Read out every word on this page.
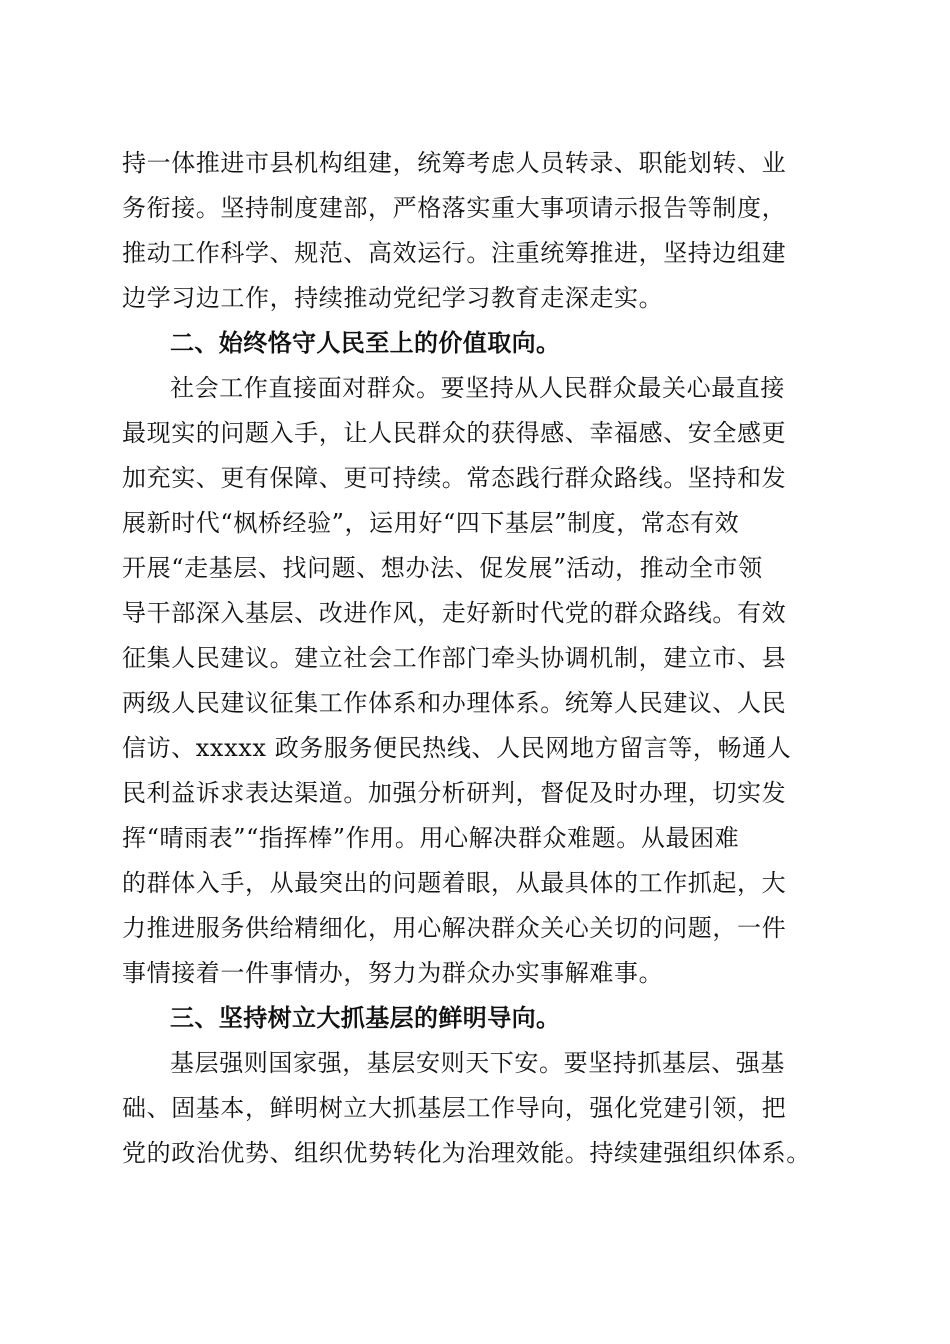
持一体推进市县机构组建，统筹考虑人员转录、职能划转、业
务衔接。坚持制度建部，严格落实重大事项请示报告等制度，
推动工作科学、规范、高效运行。注重统筹推进，坚持边组建
边学习边工作，持续推动党纪学习教育走深走实。
二、始终恪守人民至上的价值取向。
社会工作直接面对群众。要坚持从人民群众最关心最直接
最现实的问题入手，让人民群众的获得感、幸福感、安全感更
加充实、更有保障、更可持续。常态践行群众路线。坚持和发
展新时代“枫桥经验”，运用好“四下基层”制度，常态有效
开展“走基层、找问题、想办法、促发展”活动，推动全市领
导干部深入基层、改进作风，走好新时代党的群众路线。有效
征集人民建议。建立社会工作部门牵头协调机制，建立市、县
两级人民建议征集工作体系和办理体系。统筹人民建议、人民
信访、xxxxx 政务服务便民热线、人民网地方留言等，畅通人
民利益诉求表达渠道。加强分析研判，督促及时办理，切实发
挥“晴雨表”“指挥棒”作用。用心解决群众难题。从最困难
的群体入手，从最突出的问题着眼，从最具体的工作抓起，大
力推进服务供给精细化，用心解决群众关心关切的问题，一件
事情接着一件事情办，努力为群众办实事解难事。
三、坚持树立大抓基层的鲜明导向。
基层强则国家强，基层安则天下安。要坚持抓基层、强基
础、固基本，鲜明树立大抓基层工作导向，强化党建引领，把
党的政治优势、组织优势转化为治理效能。持续建强组织体系。
